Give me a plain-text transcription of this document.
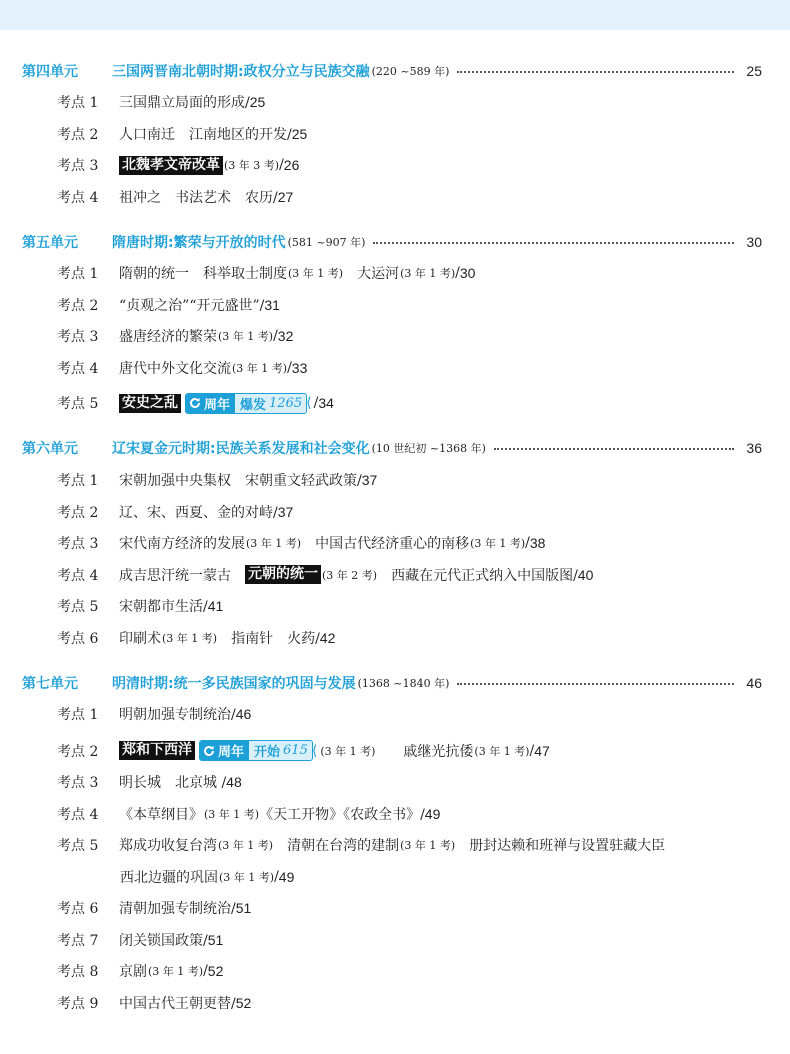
第四单元	三国两晋南北朝时期:政权分立与民族交融 (220 ~589 年)	25
考点 1	三国鼎立局面的形成/ 25
考点 2	人口南迁　江南地区的开发/ 25
考点 3	北魏孝文帝改革 (3 年 3 考) / 26
考点 4	祖冲之　书法艺术　农历/ 27
第五单元	隋唐时期:繁荣与开放的时代 (581 ~907 年)	30
考点 1	隋朝的统一　科举取士制度 (3 年 1 考) 　大运河 (3 年 1 考) / 30
考点 2	“贞观之治”“开元盛世”/ 31
考点 3	盛唐经济的繁荣 (3 年 1 考) / 32
考点 4	唐代中外文化交流 (3 年 1 考) / 33
考点 5	安史之乱 周年 爆发 1265 ⟨ / 34
第六单元	辽宋夏金元时期:民族关系发展和社会变化 (10 世纪初 ~1368 年)	36
考点 1	宋朝加强中央集权　宋朝重文轻武政策/ 37
考点 2	辽、宋、西夏、金的对峙/ 37
考点 3	宋代南方经济的发展 (3 年 1 考) 　中国古代经济重心的南移 (3 年 1 考) / 38
考点 4	成吉思汗统一蒙古　 元朝的统一 (3 年 2 考) 　西藏在元代正式纳入中国版图/ 40
考点 5	宋朝都市生活/ 41
考点 6	印刷术 (3 年 1 考) 　指南针　火药/ 42
第七单元	明清时期:统一多民族国家的巩固与发展 (1368 ~1840 年)	46
考点 1	明朝加强专制统治/ 46
考点 2	郑和下西洋 周年 开始 615 ⟨ (3 年 1 考) 　　戚继光抗倭 (3 年 1 考) / 47
考点 3	明长城　北京城 / 48
考点 4	《本草纲目》 (3 年 1 考) 《天工开物》《农政全书》/ 49
考点 5	郑成功收复台湾 (3 年 1 考) 　清朝在台湾的建制 (3 年 1 考) 　册封达赖和班禅与设置驻藏大臣
西北边疆的巩固 (3 年 1 考) / 49
考点 6	清朝加强专制统治/ 51
考点 7	闭关锁国政策/ 51
考点 8	京剧 (3 年 1 考) / 52
考点 9	中国古代王朝更替/ 52
